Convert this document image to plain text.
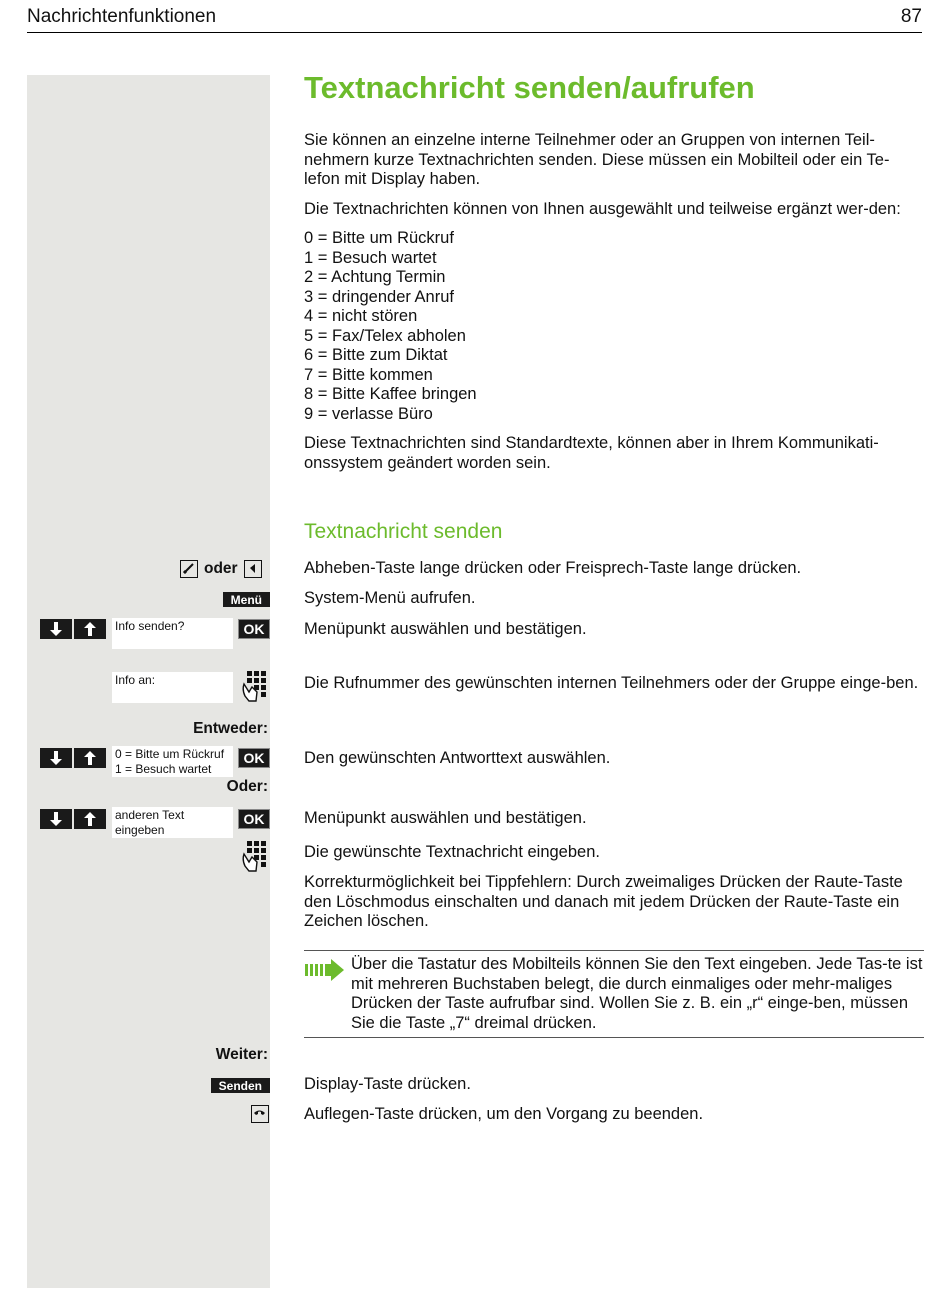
Nachrichtenfunktionen	87
Textnachricht senden/aufrufen

Sie können an einzelne interne Teilnehmer oder an Gruppen von internen Teil-nehmern kurze Textnachrichten senden. Diese müssen ein Mobilteil oder ein Te-lefon mit Display haben.

Die Textnachrichten können von Ihnen ausgewählt und teilweise ergänzt wer-den:

0 = Bitte um Rückruf
1 = Besuch wartet
2 = Achtung Termin
3 = dringender Anruf
4 = nicht stören
5 = Fax/Telex abholen
6 = Bitte zum Diktat
7 = Bitte kommen
8 = Bitte Kaffee bringen
9 = verlasse Büro

Diese Textnachrichten sind Standardtexte, können aber in Ihrem Kommunikati-onssystem geändert worden sein.

Textnachricht senden
oder	Abheben-Taste lange drücken oder Freisprech-Taste lange drücken.
Menü	System-Menü aufrufen.
Info senden?	OK	Menüpunkt auswählen und bestätigen.
Info an:	Die Rufnummer des gewünschten internen Teilnehmers oder der Gruppe einge-ben.
Entweder:
0 = Bitte um Rückruf
1 = Besuch wartet
OK	Den gewünschten Antworttext auswählen.
Oder:
anderen Text
eingeben
OK	Menüpunkt auswählen und bestätigen.
Die gewünschte Textnachricht eingeben.
Korrekturmöglichkeit bei Tippfehlern: Durch zweimaliges Drücken der Raute-Taste den Löschmodus einschalten und danach mit jedem Drücken der Raute-Taste ein Zeichen löschen.
Über die Tastatur des Mobilteils können Sie den Text eingeben. Jede Tas-te ist mit mehreren Buchstaben belegt, die durch einmaliges oder mehr-maliges Drücken der Taste aufrufbar sind. Wollen Sie z. B. ein „r“ einge-ben, müssen Sie die Taste „7“ dreimal drücken.
Weiter:
Senden	Display-Taste drücken.
Auflegen-Taste drücken, um den Vorgang zu beenden.
